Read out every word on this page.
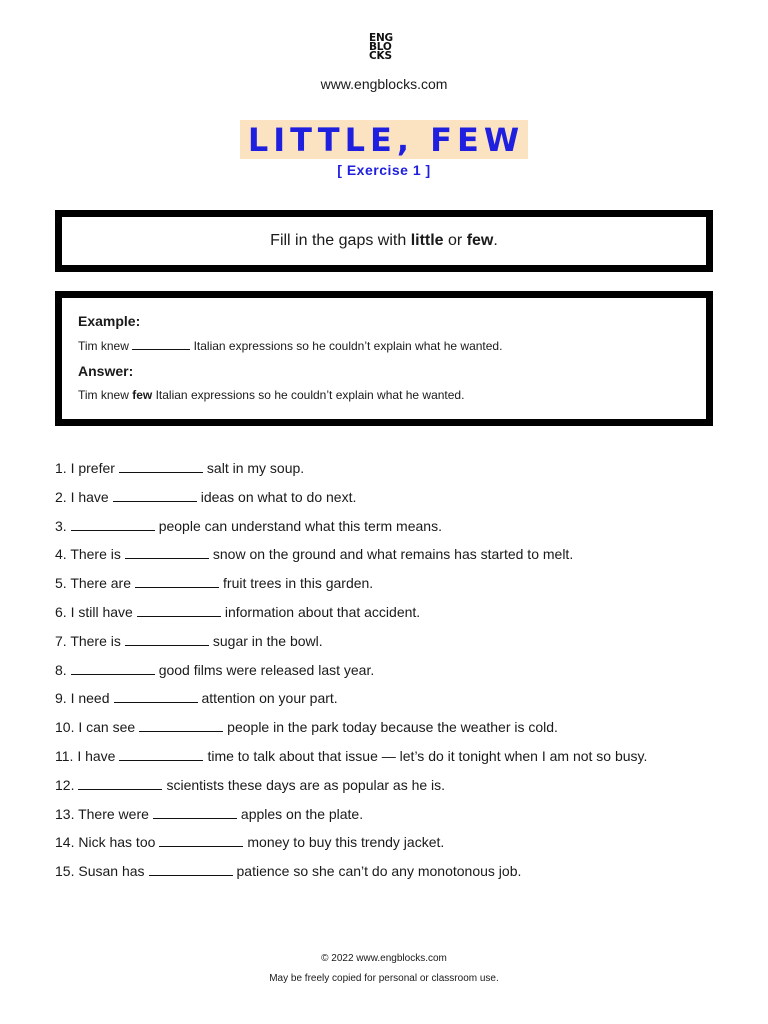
ENG
BLO
CKS
www.engblocks.com
LITTLE, FEW
[ Exercise 1 ]
Fill in the gaps with little or few.
Example:
Tim knew	Italian expressions so he couldn’t explain what he wanted.
Answer:
Tim knew few Italian expressions so he couldn’t explain what he wanted.
1. I prefer	salt in my soup.
2. I have	ideas on what to do next.
3.	people can understand what this term means.
4. There is	snow on the ground and what remains has started to melt.
5. There are	fruit trees in this garden.
6. I still have	information about that accident.
7. There is	sugar in the bowl.
8.	good films were released last year.
9. I need	attention on your part.
10. I can see	people in the park today because the weather is cold.
11. I have	time to talk about that issue — let’s do it tonight when I am not so busy.
12.	scientists these days are as popular as he is.
13. There were	apples on the plate.
14. Nick has too	money to buy this trendy jacket.
15. Susan has	patience so she can’t do any monotonous job.
© 2022 www.engblocks.com
May be freely copied for personal or classroom use.
